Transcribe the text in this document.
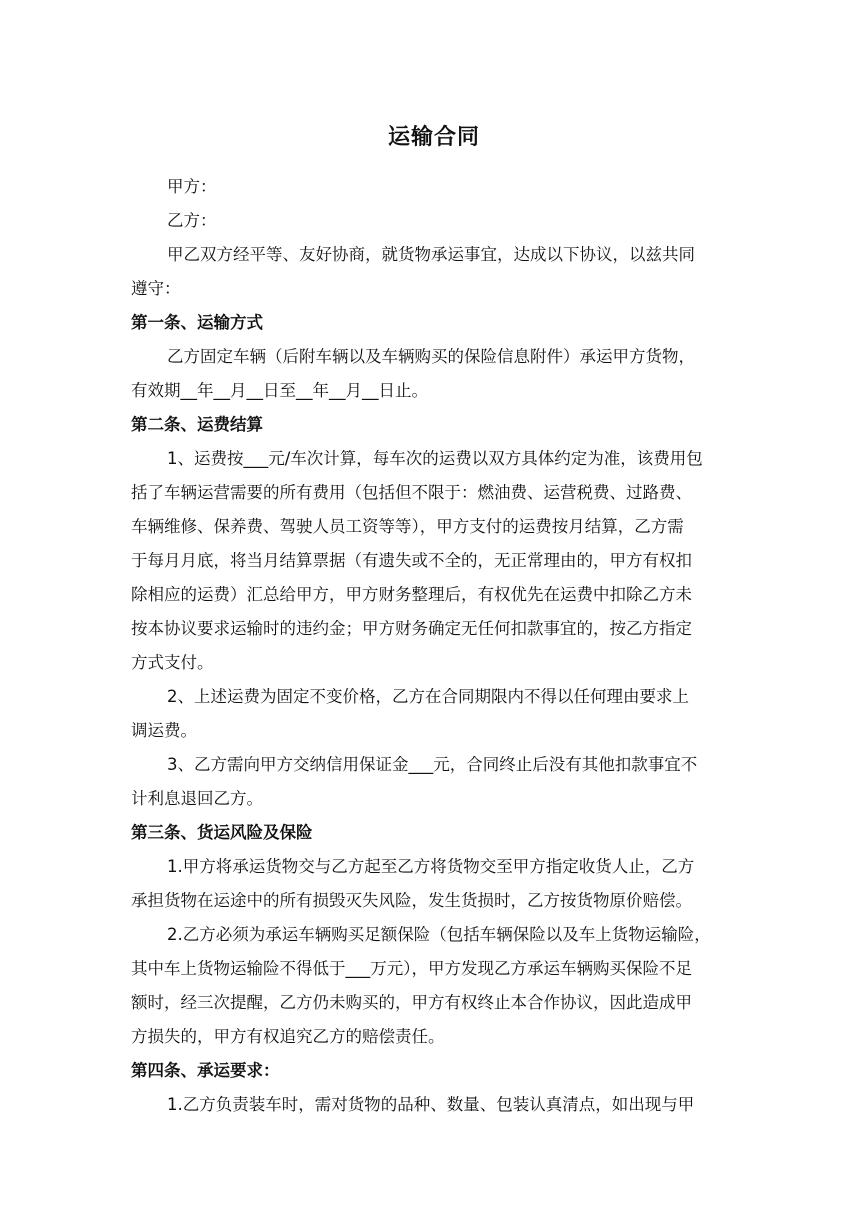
运输合同
甲方：
乙方：
甲乙双方经平等、友好协商，就货物承运事宜，达成以下协议，以兹共同
遵守：
第一条、运输方式
乙方固定车辆（后附车辆以及车辆购买的保险信息附件）承运甲方货物，
有效期__年__月__日至__年__月__日止。
第二条、运费结算
1、运费按___元/车次计算，每车次的运费以双方具体约定为准，该费用包
括了车辆运营需要的所有费用（包括但不限于：燃油费、运营税费、过路费、
车辆维修、保养费、驾驶人员工资等等），甲方支付的运费按月结算，乙方需
于每月月底，将当月结算票据（有遗失或不全的，无正常理由的，甲方有权扣
除相应的运费）汇总给甲方，甲方财务整理后，有权优先在运费中扣除乙方未
按本协议要求运输时的违约金；甲方财务确定无任何扣款事宜的，按乙方指定
方式支付。
2、上述运费为固定不变价格，乙方在合同期限内不得以任何理由要求上
调运费。
3、乙方需向甲方交纳信用保证金___元，合同终止后没有其他扣款事宜不
计利息退回乙方。
第三条、货运风险及保险
1.甲方将承运货物交与乙方起至乙方将货物交至甲方指定收货人止，乙方
承担货物在运途中的所有损毁灭失风险，发生货损时，乙方按货物原价赔偿。
2.乙方必须为承运车辆购买足额保险（包括车辆保险以及车上货物运输险，
其中车上货物运输险不得低于___万元），甲方发现乙方承运车辆购买保险不足
额时，经三次提醒，乙方仍未购买的，甲方有权终止本合作协议，因此造成甲
方损失的，甲方有权追究乙方的赔偿责任。
第四条、承运要求：
1.乙方负责装车时，需对货物的品种、数量、包装认真清点，如出现与甲
